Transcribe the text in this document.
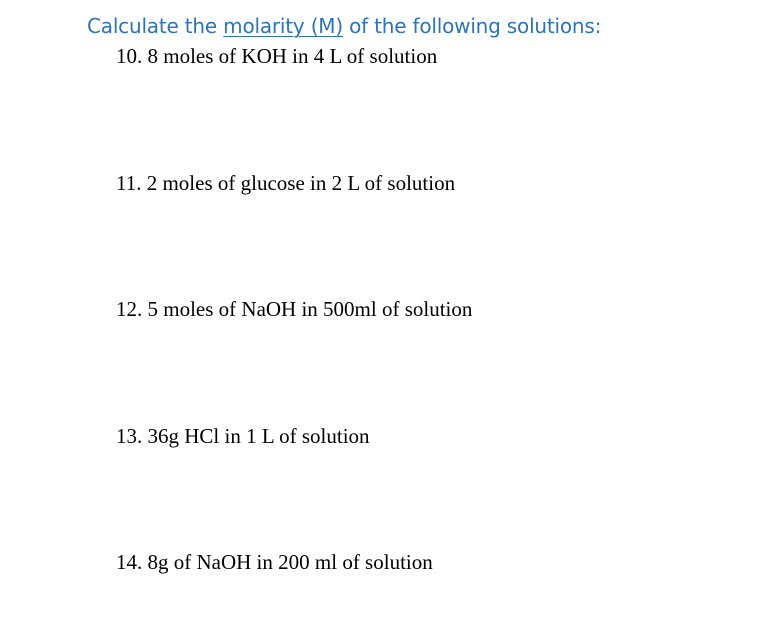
Calculate the molarity (M) of the following solutions:
10. 8 moles of KOH in 4 L of solution
11. 2 moles of glucose in 2 L of solution
12. 5 moles of NaOH in 500ml of solution
13. 36g HCl in 1 L of solution
14. 8g of NaOH in 200 ml of solution
